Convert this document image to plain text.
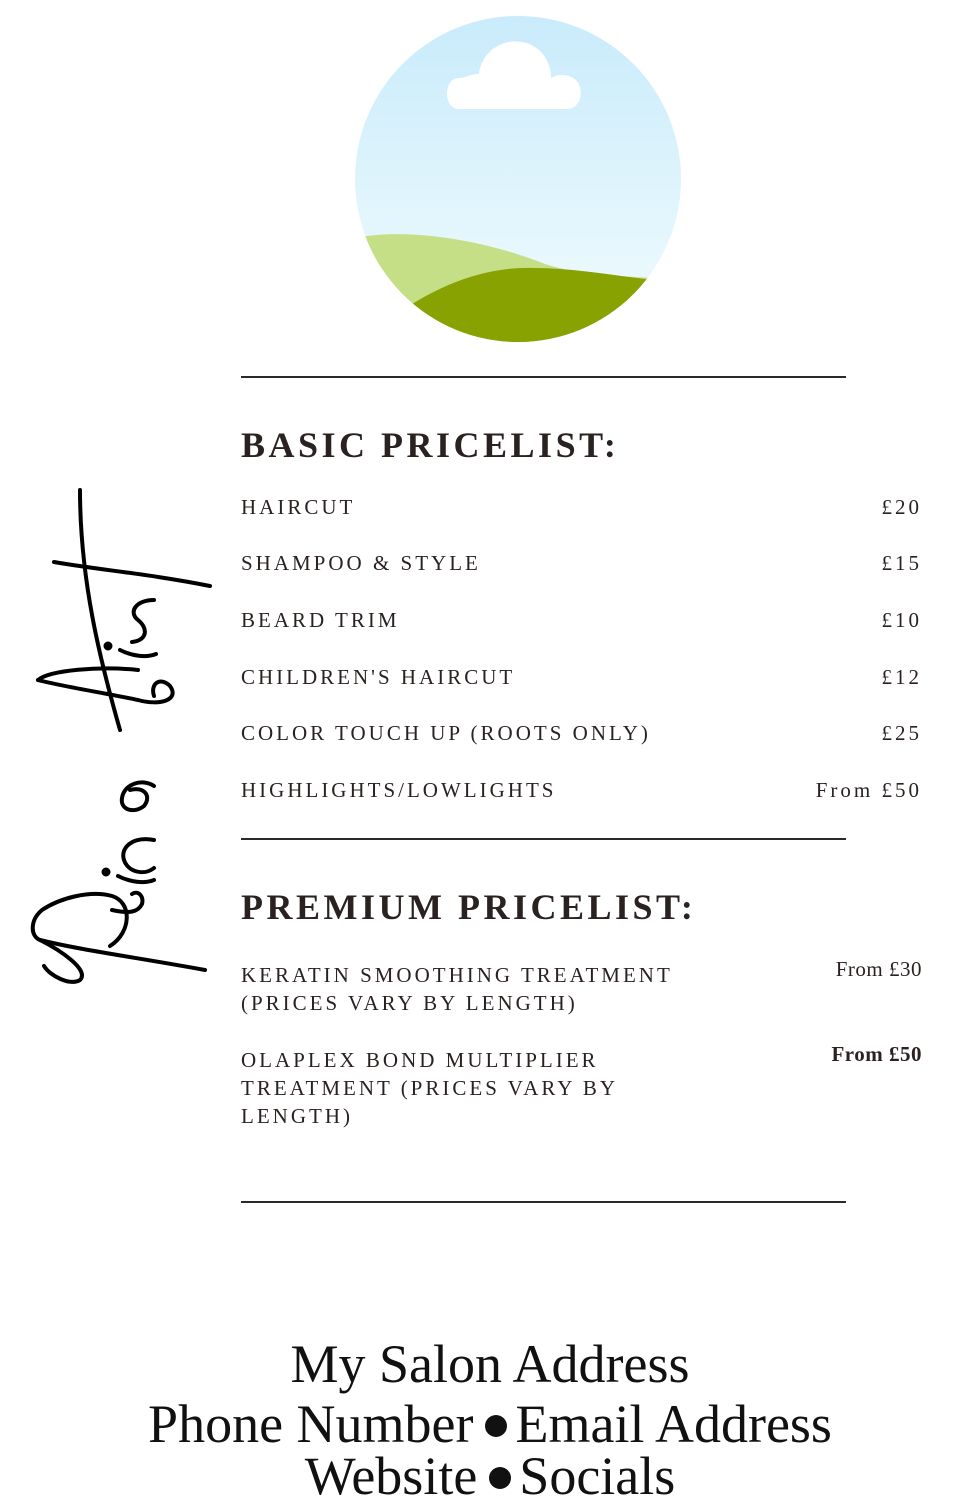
BASIC PRICELIST:
HAIRCUT	£20
SHAMPOO & STYLE	£15
BEARD TRIM	£10
CHILDREN'S HAIRCUT	£12
COLOR TOUCH UP (ROOTS ONLY)	£25
HIGHLIGHTS/LOWLIGHTS	From £50
PREMIUM PRICELIST:
KERATIN SMOOTHING TREATMENT (PRICES VARY BY LENGTH)
From £30
OLAPLEX BOND MULTIPLIER TREATMENT (PRICES VARY BY LENGTH)
From £50
My Salon Address
Phone Number Email Address
Website Socials
